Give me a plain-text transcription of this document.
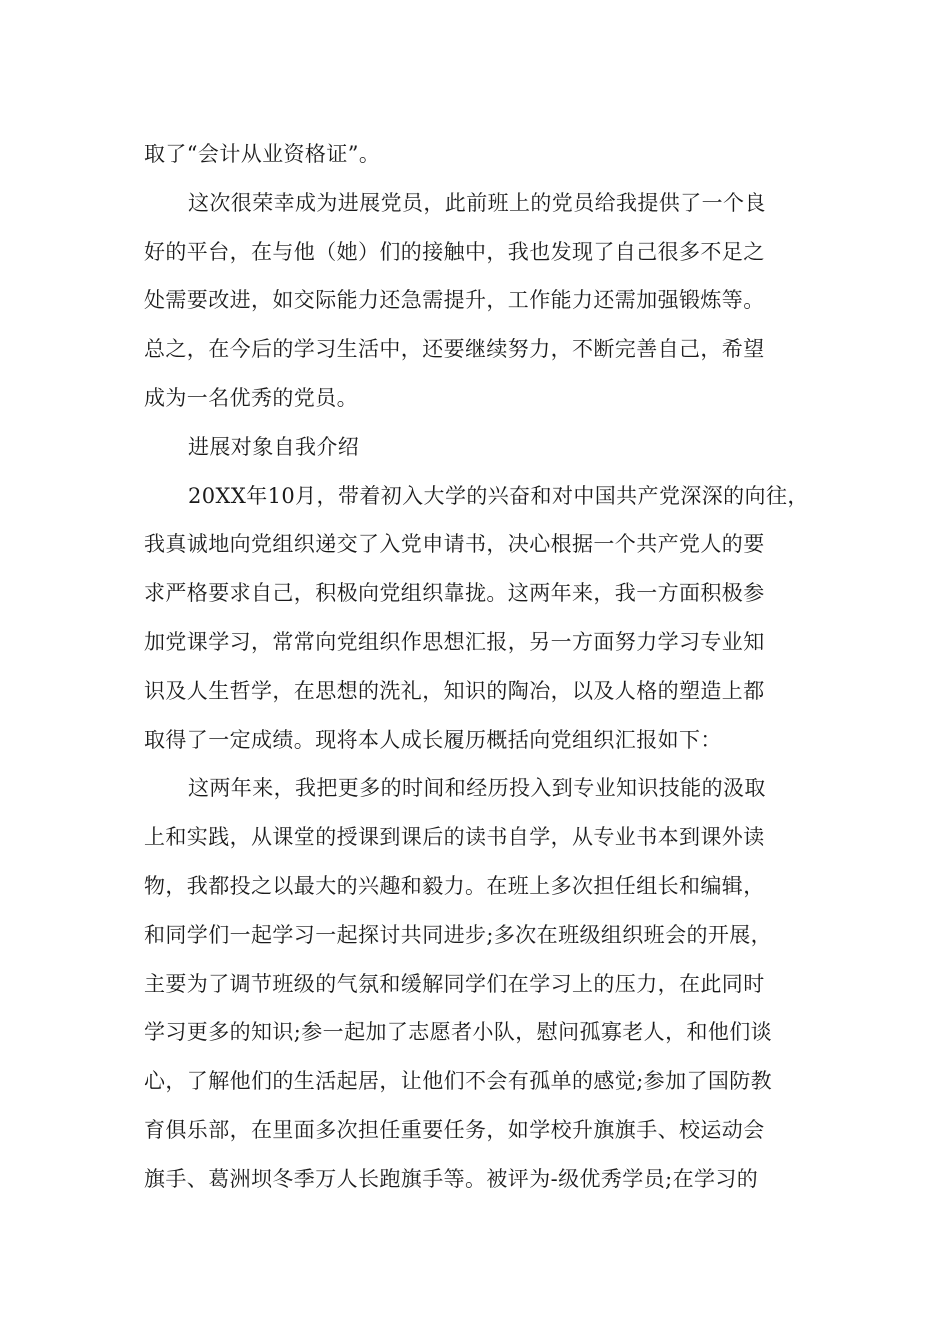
取了“会计从业资格证”。
这次很荣幸成为进展党员，此前班上的党员给我提供了一个良
好的平台，在与他（她）们的接触中，我也发现了自己很多不足之
处需要改进，如交际能力还急需提升，工作能力还需加强锻炼等。
总之，在今后的学习生活中，还要继续努力，不断完善自己，希望
成为一名优秀的党员。
进展对象自我介绍
20XX年10月，带着初入大学的兴奋和对中国共产党深深的向往，
我真诚地向党组织递交了入党申请书，决心根据一个共产党人的要
求严格要求自己，积极向党组织靠拢。这两年来，我一方面积极参
加党课学习，常常向党组织作思想汇报，另一方面努力学习专业知
识及人生哲学，在思想的洗礼，知识的陶冶，以及人格的塑造上都
取得了一定成绩。现将本人成长履历概括向党组织汇报如下：
这两年来，我把更多的时间和经历投入到专业知识技能的汲取
上和实践，从课堂的授课到课后的读书自学，从专业书本到课外读
物，我都投之以最大的兴趣和毅力。在班上多次担任组长和编辑，
和同学们一起学习一起探讨共同进步;多次在班级组织班会的开展，
主要为了调节班级的气氛和缓解同学们在学习上的压力，在此同时
学习更多的知识;参一起加了志愿者小队，慰问孤寡老人，和他们谈
心，了解他们的生活起居，让他们不会有孤单的感觉;参加了国防教
育俱乐部，在里面多次担任重要任务，如学校升旗旗手、校运动会
旗手、葛洲坝冬季万人长跑旗手等。被评为-级优秀学员;在学习的
